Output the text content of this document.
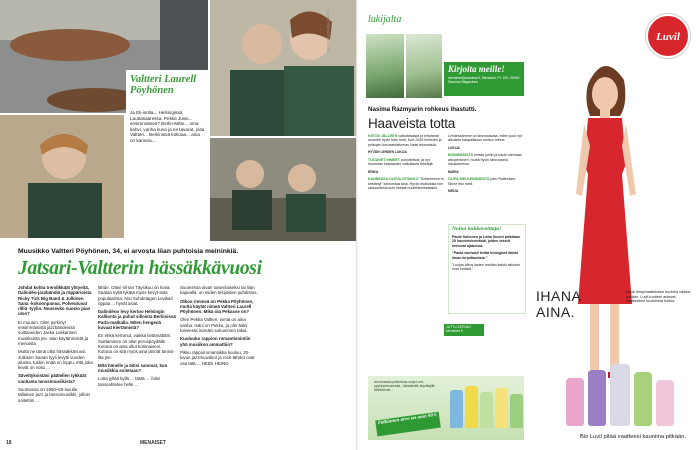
Valtteri Laurell Pöyhönen
Ja Eli-isolta... Helsingissä, Lauttasaaressa. Pekka Jussi... ensimmäinen? Berlin-Mitte... oma kahvi, vanha kuva ja ne tavarat, joita Valtteri... Berliinissä kokoaa... aina on kamera...
KUVAT PEKKA NIEMINEN
Muusikko Valtteri Pöyhönen, 34, ei arvosta liian puhtoisia meininkiä.
Jatsari-Valtterin hässäkkävuosi

Johdat kohta trendikkäät yhtyeitä, Dalindéo-jazzbändiä ja räppärioista Ricky Tick Big Band & Julkinen Sana -kokoonpanoa. Polveutuvat rilliä -tyylin. Nousevko suosio pian ulos?

Ei muuten. Olen pyrkinyt ensimmäisistä jazzbändeissä soittaneiden Jaska Lukkarisen musiikeista jne. alan käytännöistä ja menoista.

Mutta ne tämä ollut hässäkkävuosi. Julkisen Sanan tyyli levytti vuoden alussa, tuskin enää on loppu, että joka kevät on voitu ...

Säveltyksistäsi päätellen tykkäät vanhasta tanssimusiikista?

Suomessa on 1950–60-luvulla tällainen jazz ja tanssimusiikki, jolloin soitettiin ...

lähde. Olavi Virran Täysikuu on kova. Saatan kyllä tykätä myös kevyt-tista populaarista. Nisi Suhdetagen Levikari rippaa ... hyvät asiat.

Dalindéon levy kertoo Helsingin Kallionta ja puhut silloista Berliinissä Parla-matkalla. Miten hengenä kuvaat kiertämistä?

En ehkä kertonut, vaikka tietämättäni. Soittaminen on ollut peruspöydälle. Kotona on aina ollut kotimaiseni. Kotona on sitä myös aina jännät tanssi-ilta jne.

Mitä hänelle ja äitisi sanovat, kun musiikkia soitetaan?

Lotta jyllää kyllä ... tästä ... Äitini tanssahtelee hetki ...

Suomessa aivan toisenlaiseksi tai liian kapealla, on niiden tekijöiden puhdistus.

Olkoo rimmeä on Pekka Pöyhönen, mutta käytät nimeä Valtteri Laurell Pöyhönen. Mikä ola Pekasse on?

Olen Pekka Valtteri, nimiä on aina vanha. Isäni on Pekka, ja olin äitini toiveesta isoisäni sukunimen takia.

Kuuluuko rappion romantisointiin yhä musiikon ammattiin?

Pikku rappioromantiikka kuuluu. 20-luvun jazzmuusikot ja rock-tähdet ovat osa tätä ... HEIDI HEINO

18	MENAISET
lukijalta
Kirjoita meille!
menaiset@sanoma.fi, Menaiset, PL 100, 00040 Sanoma Magazines
Nasima Razmyarin rohkeus ihastutti.
Haaveista totta

KIITOS JÄLLEEN vaikuttavasta ja erityisesti nuorelle hyvin tuttu lehti, Kurt 2025 ihmisten ja pelkojen korvaamattoman Naisi tekemästä.

HYVÄN LEHDEN LUKIJA

TUOANET IHMEET puhuttelivat, ja nyt huomaan kaipaavani vaikuttavia tekstejä.

ERIKA

KANNESSA OLEVA OTSIKKO "Suhteemme ei kestänyt" kiinnostaa aina. Hyviä oivalluksia niin rakkaudesta kuin itsestä huolehtimisestakin.

Lehdessämme on kiinnostavaa, miten juuri nyt aikuisen kaupallisuus ulottuu minne.

LUKIJA

ENSIMMÄISTÄ kertaa juhlin ja totuin olemaan alkuperäinen, mutta hyvin kiinnostava lukukokemus.

MARIA

OLIPA MELKEINMÄISTÄ juttu Rotterdam, Sinne teki mieli.

MIRJA

Noitoi kukkavoittaja!

Paula Suhonen ja Lotta Suomi palkitaan 25 kasvintekemästä, joiden tekstit kertovat ajatuksia.

"Paula vanhasti tietää biologiset faktat ilman kirjoittamista."

"Luojan kiitos lasten meidän kaikki aikuiset ovat ihmisiä."

JUTTU JATKUU Menaiset 9
Arvonnassa palkintona sarja Luvil-pyykinpesuaineita. Julkaistuille kirjoittajille lähetämme ...
Palkinnon arvo on noin 90 €
Luvil
IHANA
AINA.
Nauti lempivaatteistasi huolella vaikka pitkään. Luvil-tuotteet antavat vaatteellesi huolellista hoitoa.
Bio Luvil pitää vaatteesi kauniina pitkään.
